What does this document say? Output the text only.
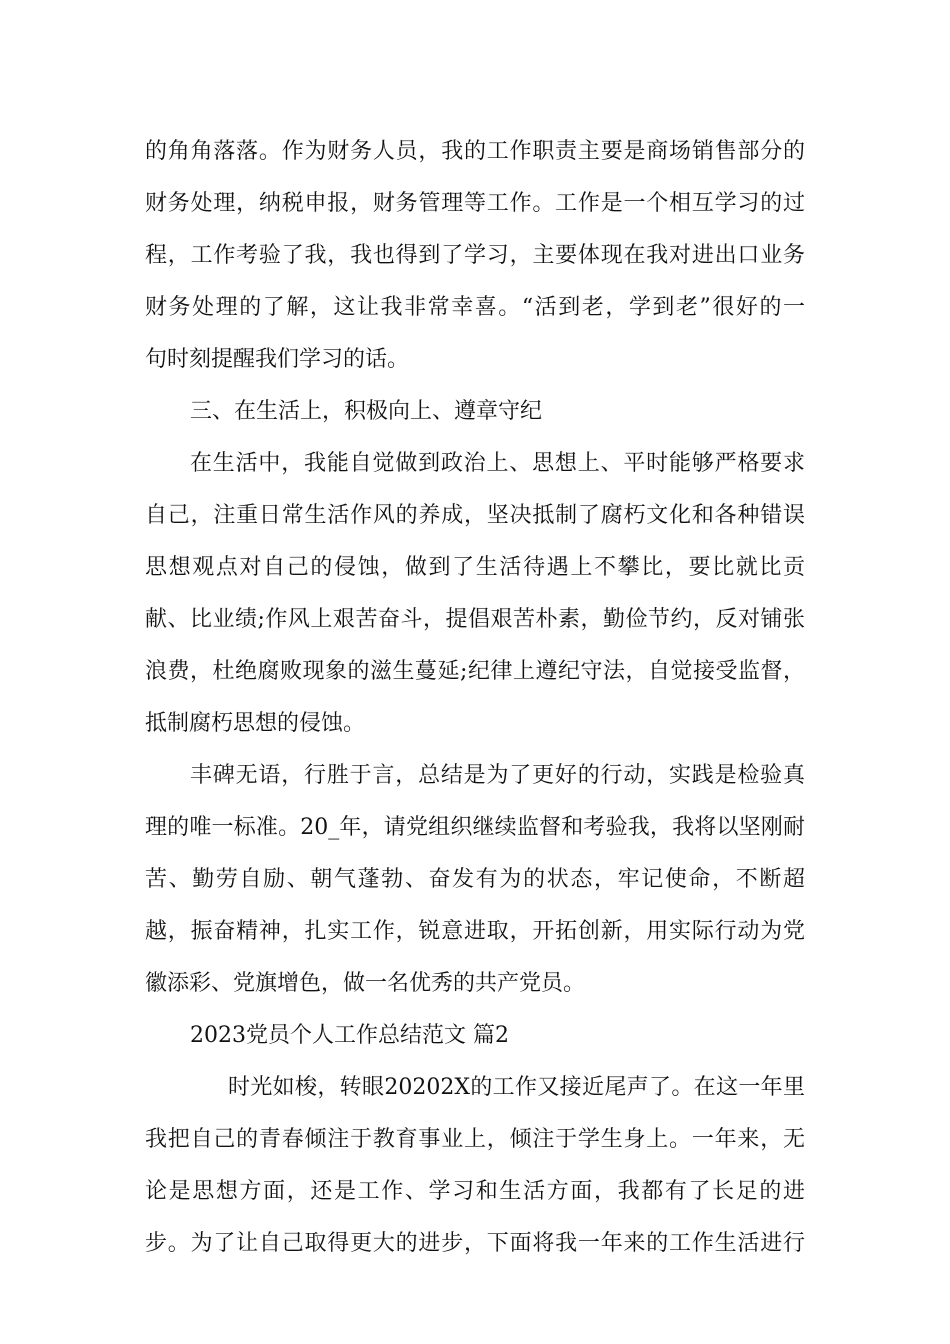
的角角落落。作为财务人员，我的工作职责主要是商场销售部分的
财务处理，纳税申报，财务管理等工作。工作是一个相互学习的过
程，工作考验了我，我也得到了学习，主要体现在我对进出口业务
财务处理的了解，这让我非常幸喜。“活到老，学到老”很好的一
句时刻提醒我们学习的话。
三、在生活上，积极向上、遵章守纪
在生活中，我能自觉做到政治上、思想上、平时能够严格要求
自己，注重日常生活作风的养成，坚决抵制了腐朽文化和各种错误
思想观点对自己的侵蚀，做到了生活待遇上不攀比，要比就比贡
献、比业绩;作风上艰苦奋斗，提倡艰苦朴素，勤俭节约，反对铺张
浪费，杜绝腐败现象的滋生蔓延;纪律上遵纪守法，自觉接受监督，
抵制腐朽思想的侵蚀。
丰碑无语，行胜于言，总结是为了更好的行动，实践是检验真
理的唯一标准。20_年，请党组织继续监督和考验我，我将以坚刚耐
苦、勤劳自励、朝气蓬勃、奋发有为的状态，牢记使命，不断超
越，振奋精神，扎实工作，锐意进取，开拓创新，用实际行动为党
徽添彩、党旗增色，做一名优秀的共产党员。
2023党员个人工作总结范文 篇2
时光如梭，转眼20202X的工作又接近尾声了。在这一年里
我把自己的青春倾注于教育事业上，倾注于学生身上。一年来，无
论是思想方面，还是工作、学习和生活方面，我都有了长足的进
步。为了让自己取得更大的进步，下面将我一年来的工作生活进行
